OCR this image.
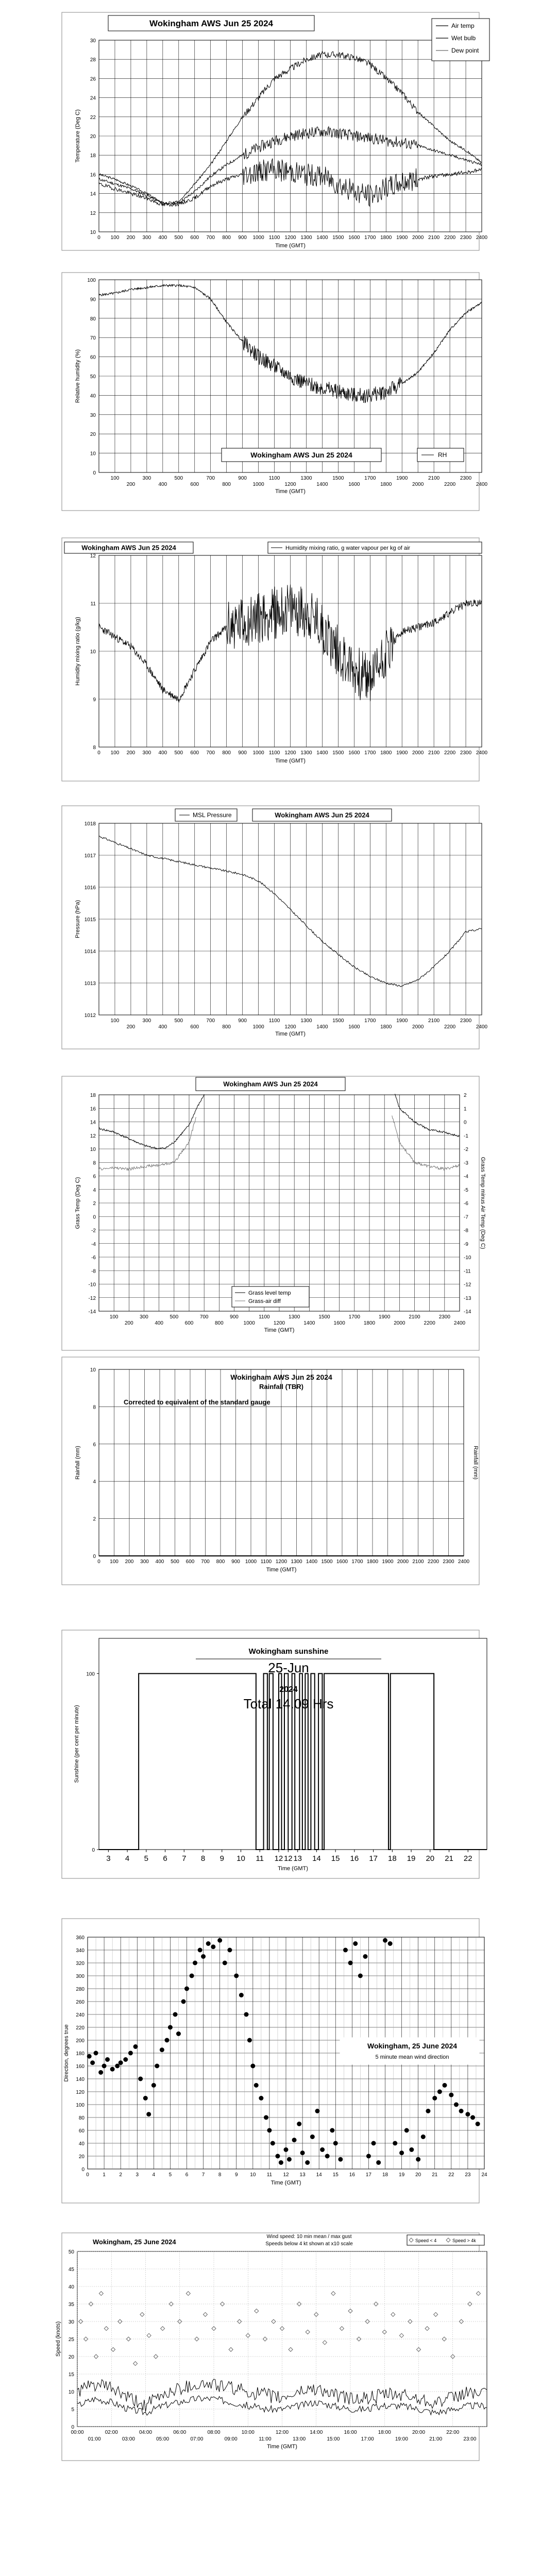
10
12
14
16
18
20
22
24
26
28
30
0 100 200 300 400 500 600 700 800 900 1000 1100 1200 1300 1400 1500 1600 1700 1800 1900 2000 2100 2200 2300 2400
Time (GMT)
Temperature (Deg C)
Wokingham AWS Jun 25 2024	Air temp
Wet bulb
Dew point
0
10
20
30
40
50
60
70
80
90
100
100
200
300
400
500
600
700
800
900
1000
1100
1200
1300
1400
1500
1600
1700
1800
1900
2000
2100
2200
2300
2400
Time (GMT)
Relative humidity (%)
Wokingham AWS Jun 25 2024	RH
8
9
10
11
12
0 100 200 300 400 500 600 700 800 900 1000 1100 1200 1300 1400 1500 1600 1700 1800 1900 2000 2100 2200 2300 2400
Time (GMT)
Humidity mixing ratio (g/kg)
Wokingham AWS Jun 25 2024	Humidity mixing ratio, g water vapour per kg of air
1012
1013
1014
1015
1016
1017
1018
100
200
300
400
500
600
700
800
900
1000
1100
1200
1300
1400
1500
1600
1700
1800
1900
2000
2100
2200
2300
2400
Time (GMT)
Pressure (hPa)
MSL Pressure	Wokingham AWS Jun 25 2024
-14
-12
-10
-8
-6
-4
-2
0
2
4
6
8
10
12
14
16
18
100
200
300
400
500
600
700
800
900
1000
1100
1200
1300
1400
1500
1600
1700
1800
1900
2000
2100
2200
2300
2400
Time (GMT)
Grass Temp (Deg C)
-14
-13
-12
-11
-10
-9
-8
-7
-6
-5
-4
-3
-2
-1
0
1
2
Grass Temp minus Air Temp (Deg C)
Wokingham AWS Jun 25 2024
Grass level temp
Grass-air diff
0
2
4
6
8
10
0 100 200 300 400 500 600 700 800 900 1000 1100 1200 1300 1400 1500 1600 1700 1800 1900 2000 2100 2200 2300 2400
Time (GMT)
Rainfall (mm)	Rainfall (mm)
Wokingham AWS Jun 25 2024
Rainfall (TBR)
Corrected to equivalent of the standard gauge
0
100
3 4 5 6 7 8 9 10 11 12 12 13 14 15 16 17 18 19 20 21 22
Time (GMT)
Sunshine (per cent per minute)
Wokingham sunshine
25-Jun
2024
Total 14.09 Hrs
0
20
40
60
80
100
120
140
160
180
200
220
240
260
280
300
320
340
360
0	1	2	3	4	5	6	7	8	9 10 11 12 13 14 15 16 17 18 19 20 21 22 23 24
Time (GMT)
Direction, degrees true	Wokingham, 25 June 2024
5 minute mean wind direction
0
5
10
15
20
25
30
35
40
45
50
00:00	02:00	04:00	06:00	08:00	10:00	12:00	14:00	16:00	18:00	20:00	22:00
01:00	03:00	05:00	07:00	09:00	11:00	13:00	15:00	17:00	19:00	21:00	23:00
Time (GMT)
Speed (knots)
Wokingham, 25 June 2024
Wind speed: 10 min mean / max gust
Speeds below 4 kt shown at x10 scale
Speed < 4	Speed > 4k
